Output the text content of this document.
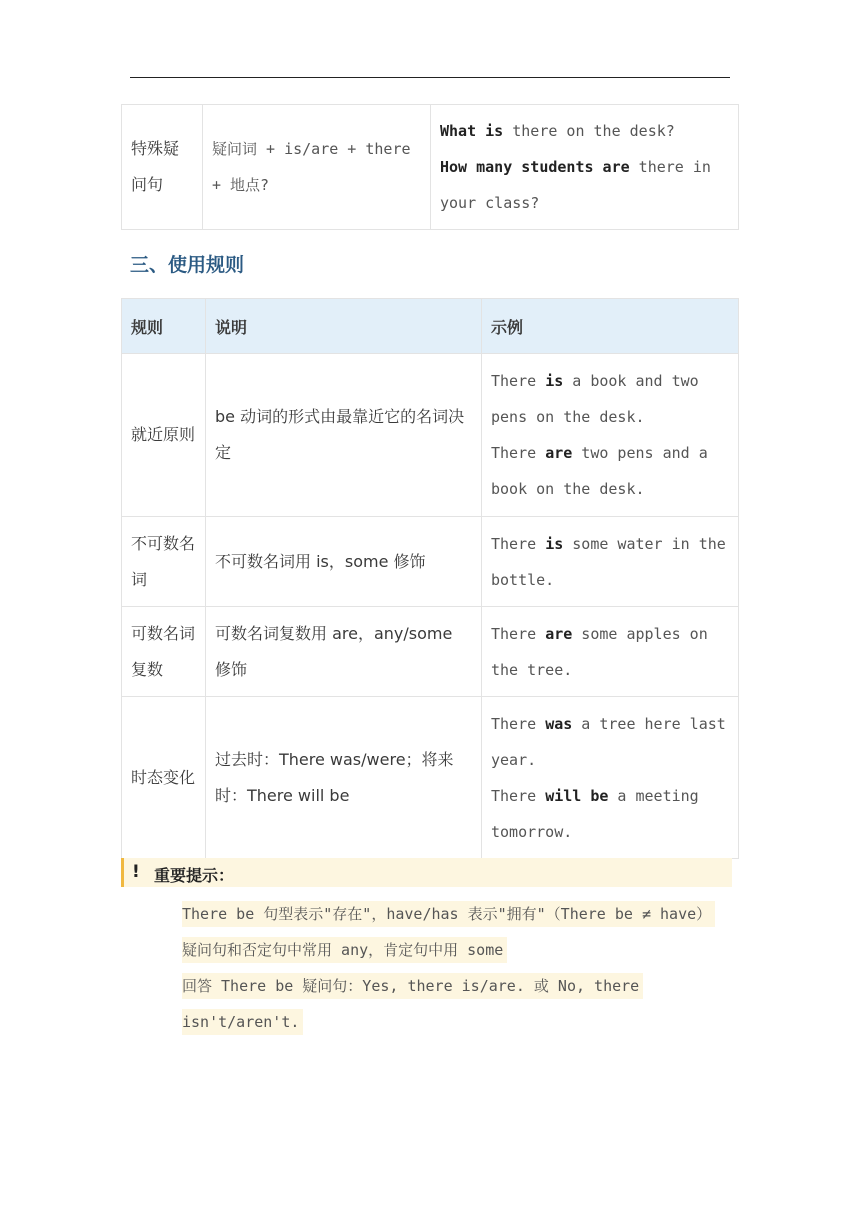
特殊疑问句	疑问词 + is/are + there + 地点?	
What is there on the desk?
How many students are there in your class?
三、使用规则
规则	说明	示例
就近原则	be 动词的形式由最靠近它的名词决定	There is a book and two pens on the desk.
There are two pens and a book on the desk.

不可数名词	不可数名词用 is，some 修饰	There is some water in the bottle.

可数名词复数	可数名词复数用 are，any/some 修饰	There are some apples on the tree.

时态变化	过去时：There was/were；将来时：There will be	There was a tree here last year.
There will be a meeting tomorrow.
! 重要提示：
There be 句型表示"存在"，have/has 表示"拥有"（There be ≠ have）
疑问句和否定句中常用 any，肯定句中用 some
回答 There be 疑问句：Yes, there is/are. 或 No, there
isn't/aren't.
